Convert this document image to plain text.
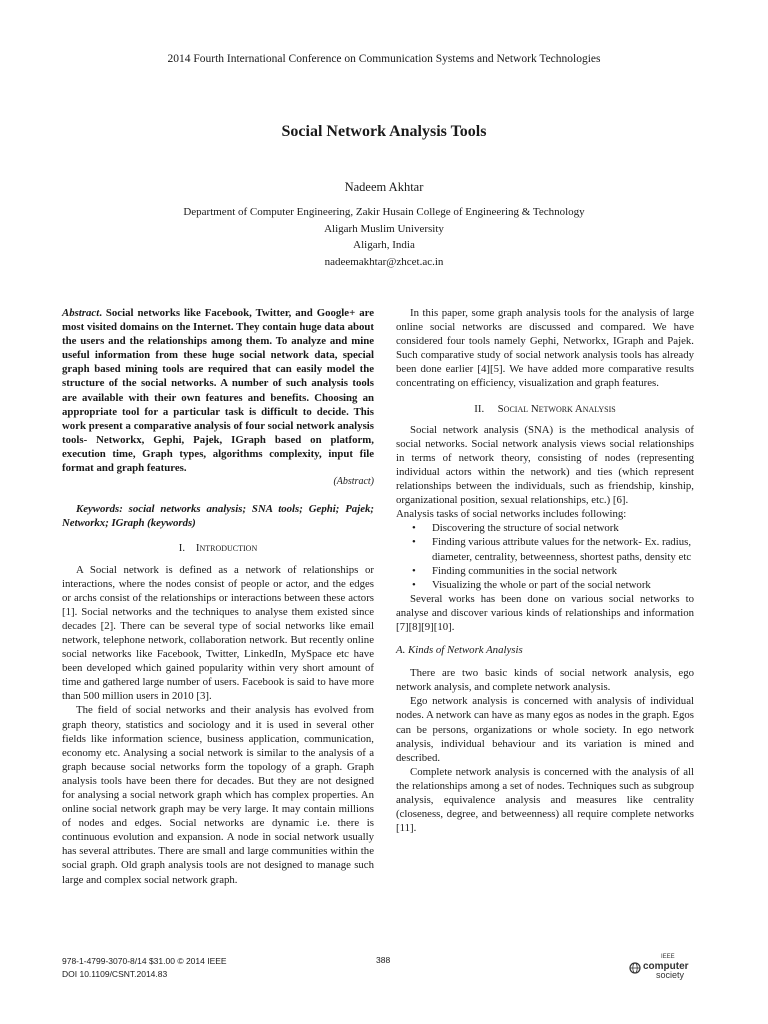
2014 Fourth International Conference on Communication Systems and Network Technologies
Social Network Analysis Tools
Nadeem Akhtar
Department of Computer Engineering, Zakir Husain College of Engineering & Technology
Aligarh Muslim University
Aligarh, India
nadeemakhtar@zhcet.ac.in

Abstract. Social networks like Facebook, Twitter, and Google+ are most visited domains on the Internet. They contain huge data about the users and the relationships among them. To analyze and mine useful information from these huge social network data, special graph based mining tools are required that can easily model the structure of the social networks. A number of such analysis tools are available with their own features and benefits. Choosing an appropriate tool for a particular task is difficult to decide. This work present a comparative analysis of four social network analysis tools- Networkx, Gephi, Pajek, IGraph based on platform, execution time, Graph types, algorithms complexity, input file format and graph features.

(Abstract)

Keywords: social networks analysis; SNA tools; Gephi; Pajek; Networkx; IGraph (keywords)

I. Introduction

A Social network is defined as a network of relationships or interactions, where the nodes consist of people or actor, and the edges or archs consist of the relationships or interactions between these actors [1]. Social networks and the techniques to analyse them existed since decades [2]. There can be several type of social networks like email network, telephone network, collaboration network. But recently online social networks like Facebook, Twitter, LinkedIn, MySpace etc have been developed which gained popularity within very short amount of time and gathered large number of users. Facebook is said to have more than 500 million users in 2010 [3].

The field of social networks and their analysis has evolved from graph theory, statistics and sociology and it is used in several other fields like information science, business application, communication, economy etc. Analysing a social network is similar to the analysis of a graph because social networks form the topology of a graph. Graph analysis tools have been there for decades. But they are not designed for analysing a social network graph which has complex properties. An online social network graph may be very large. It may contain millions of nodes and edges. Social networks are dynamic i.e. there is continuous evolution and expansion. A node in social network usually has several attributes. There are small and large communities within the social graph. Old graph analysis tools are not designed to manage such large and complex social network graph.

In this paper, some graph analysis tools for the analysis of large online social networks are discussed and compared. We have considered four tools namely Gephi, Networkx, IGraph and Pajek. Such comparative study of social network analysis tools has already been done earlier [4][5]. We have added more comparative results concentrating on efficiency, visualization and graph features.

II. Social Network Analysis

Social network analysis (SNA) is the methodical analysis of social networks. Social network analysis views social relationships in terms of network theory, consisting of nodes (representing individual actors within the network) and ties (which represent relationships between the individuals, such as friendship, kinship, organizational position, sexual relationships, etc.) [6].

Analysis tasks of social networks includes following:

• Discovering the structure of social network
• Finding various attribute values for the network- Ex. radius, diameter, centrality, betweenness, shortest paths, density etc
• Finding communities in the social network
• Visualizing the whole or part of the social network

Several works has been done on various social networks to analyse and discover various kinds of relationships and information [7][8][9][10].

A. Kinds of Network Analysis

There are two basic kinds of social network analysis, ego network analysis, and complete network analysis.

Ego network analysis is concerned with analysis of individual nodes. A network can have as many egos as nodes in the graph. Egos can be persons, organizations or whole society. In ego network analysis, individual behaviour and its variation is mined and described.

Complete network analysis is concerned with the analysis of all the relationships among a set of nodes. Techniques such as subgroup analysis, equivalence analysis and measures like centrality (closeness, degree, and betweenness) all require complete networks [11].

978-1-4799-3070-8/14 $31.00 © 2014 IEEE
DOI 10.1109/CSNT.2014.83
388	IEEE
computer
society
